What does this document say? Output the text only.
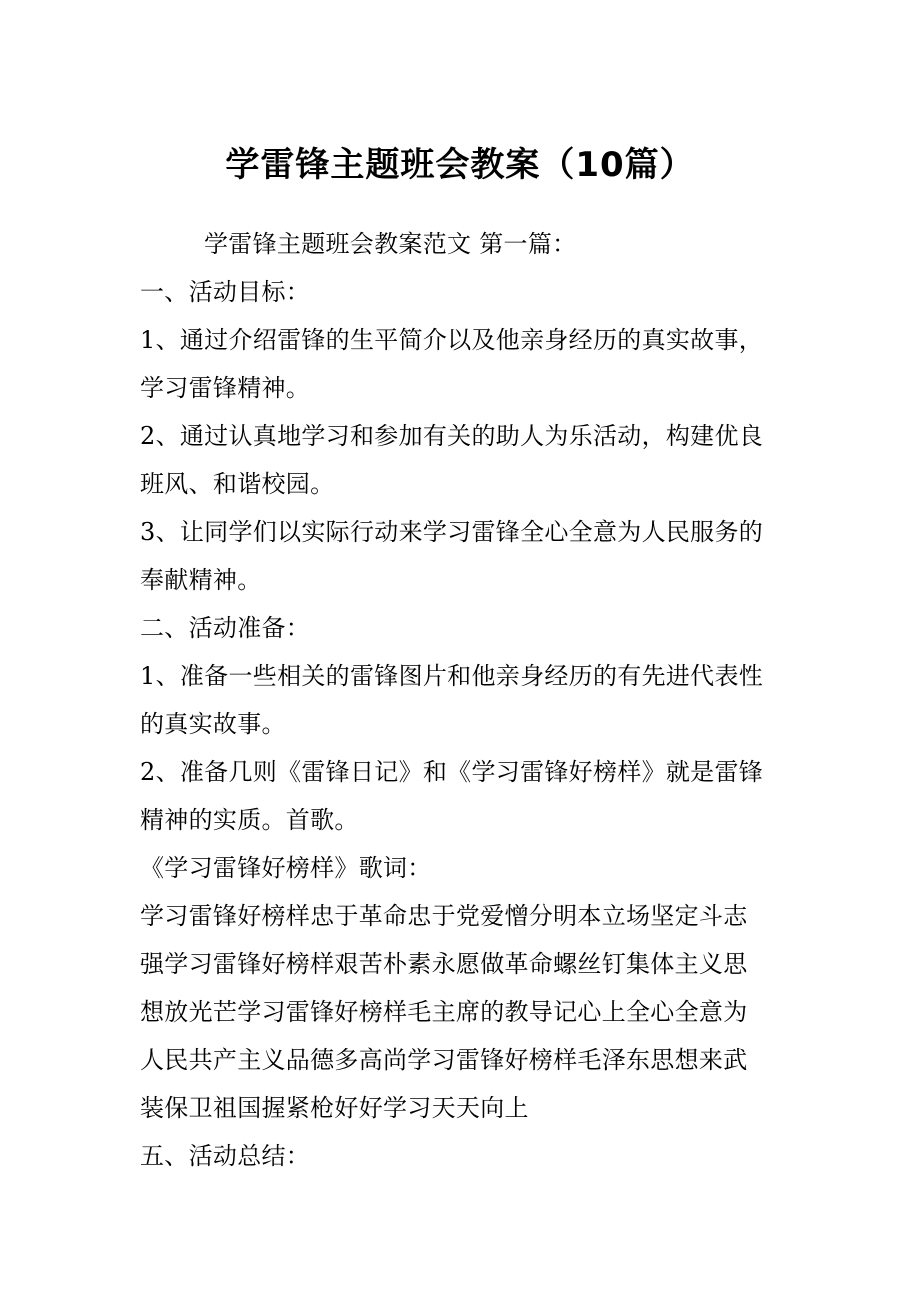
学雷锋主题班会教案（10篇）
学雷锋主题班会教案范文 第一篇：
一、活动目标：
1、通过介绍雷锋的生平简介以及他亲身经历的真实故事，
学习雷锋精神。
2、通过认真地学习和参加有关的助人为乐活动，构建优良
班风、和谐校园。
3、让同学们以实际行动来学习雷锋全心全意为人民服务的
奉献精神。
二、活动准备：
1、准备一些相关的雷锋图片和他亲身经历的有先进代表性
的真实故事。
2、准备几则《雷锋日记》和《学习雷锋好榜样》就是雷锋
精神的实质。首歌。
《学习雷锋好榜样》歌词：
学习雷锋好榜样忠于革命忠于党爱憎分明本立场坚定斗志
强学习雷锋好榜样艰苦朴素永愿做革命螺丝钉集体主义思
想放光芒学习雷锋好榜样毛主席的教导记心上全心全意为
人民共产主义品德多高尚学习雷锋好榜样毛泽东思想来武
装保卫祖国握紧枪好好学习天天向上
五、活动总结：
